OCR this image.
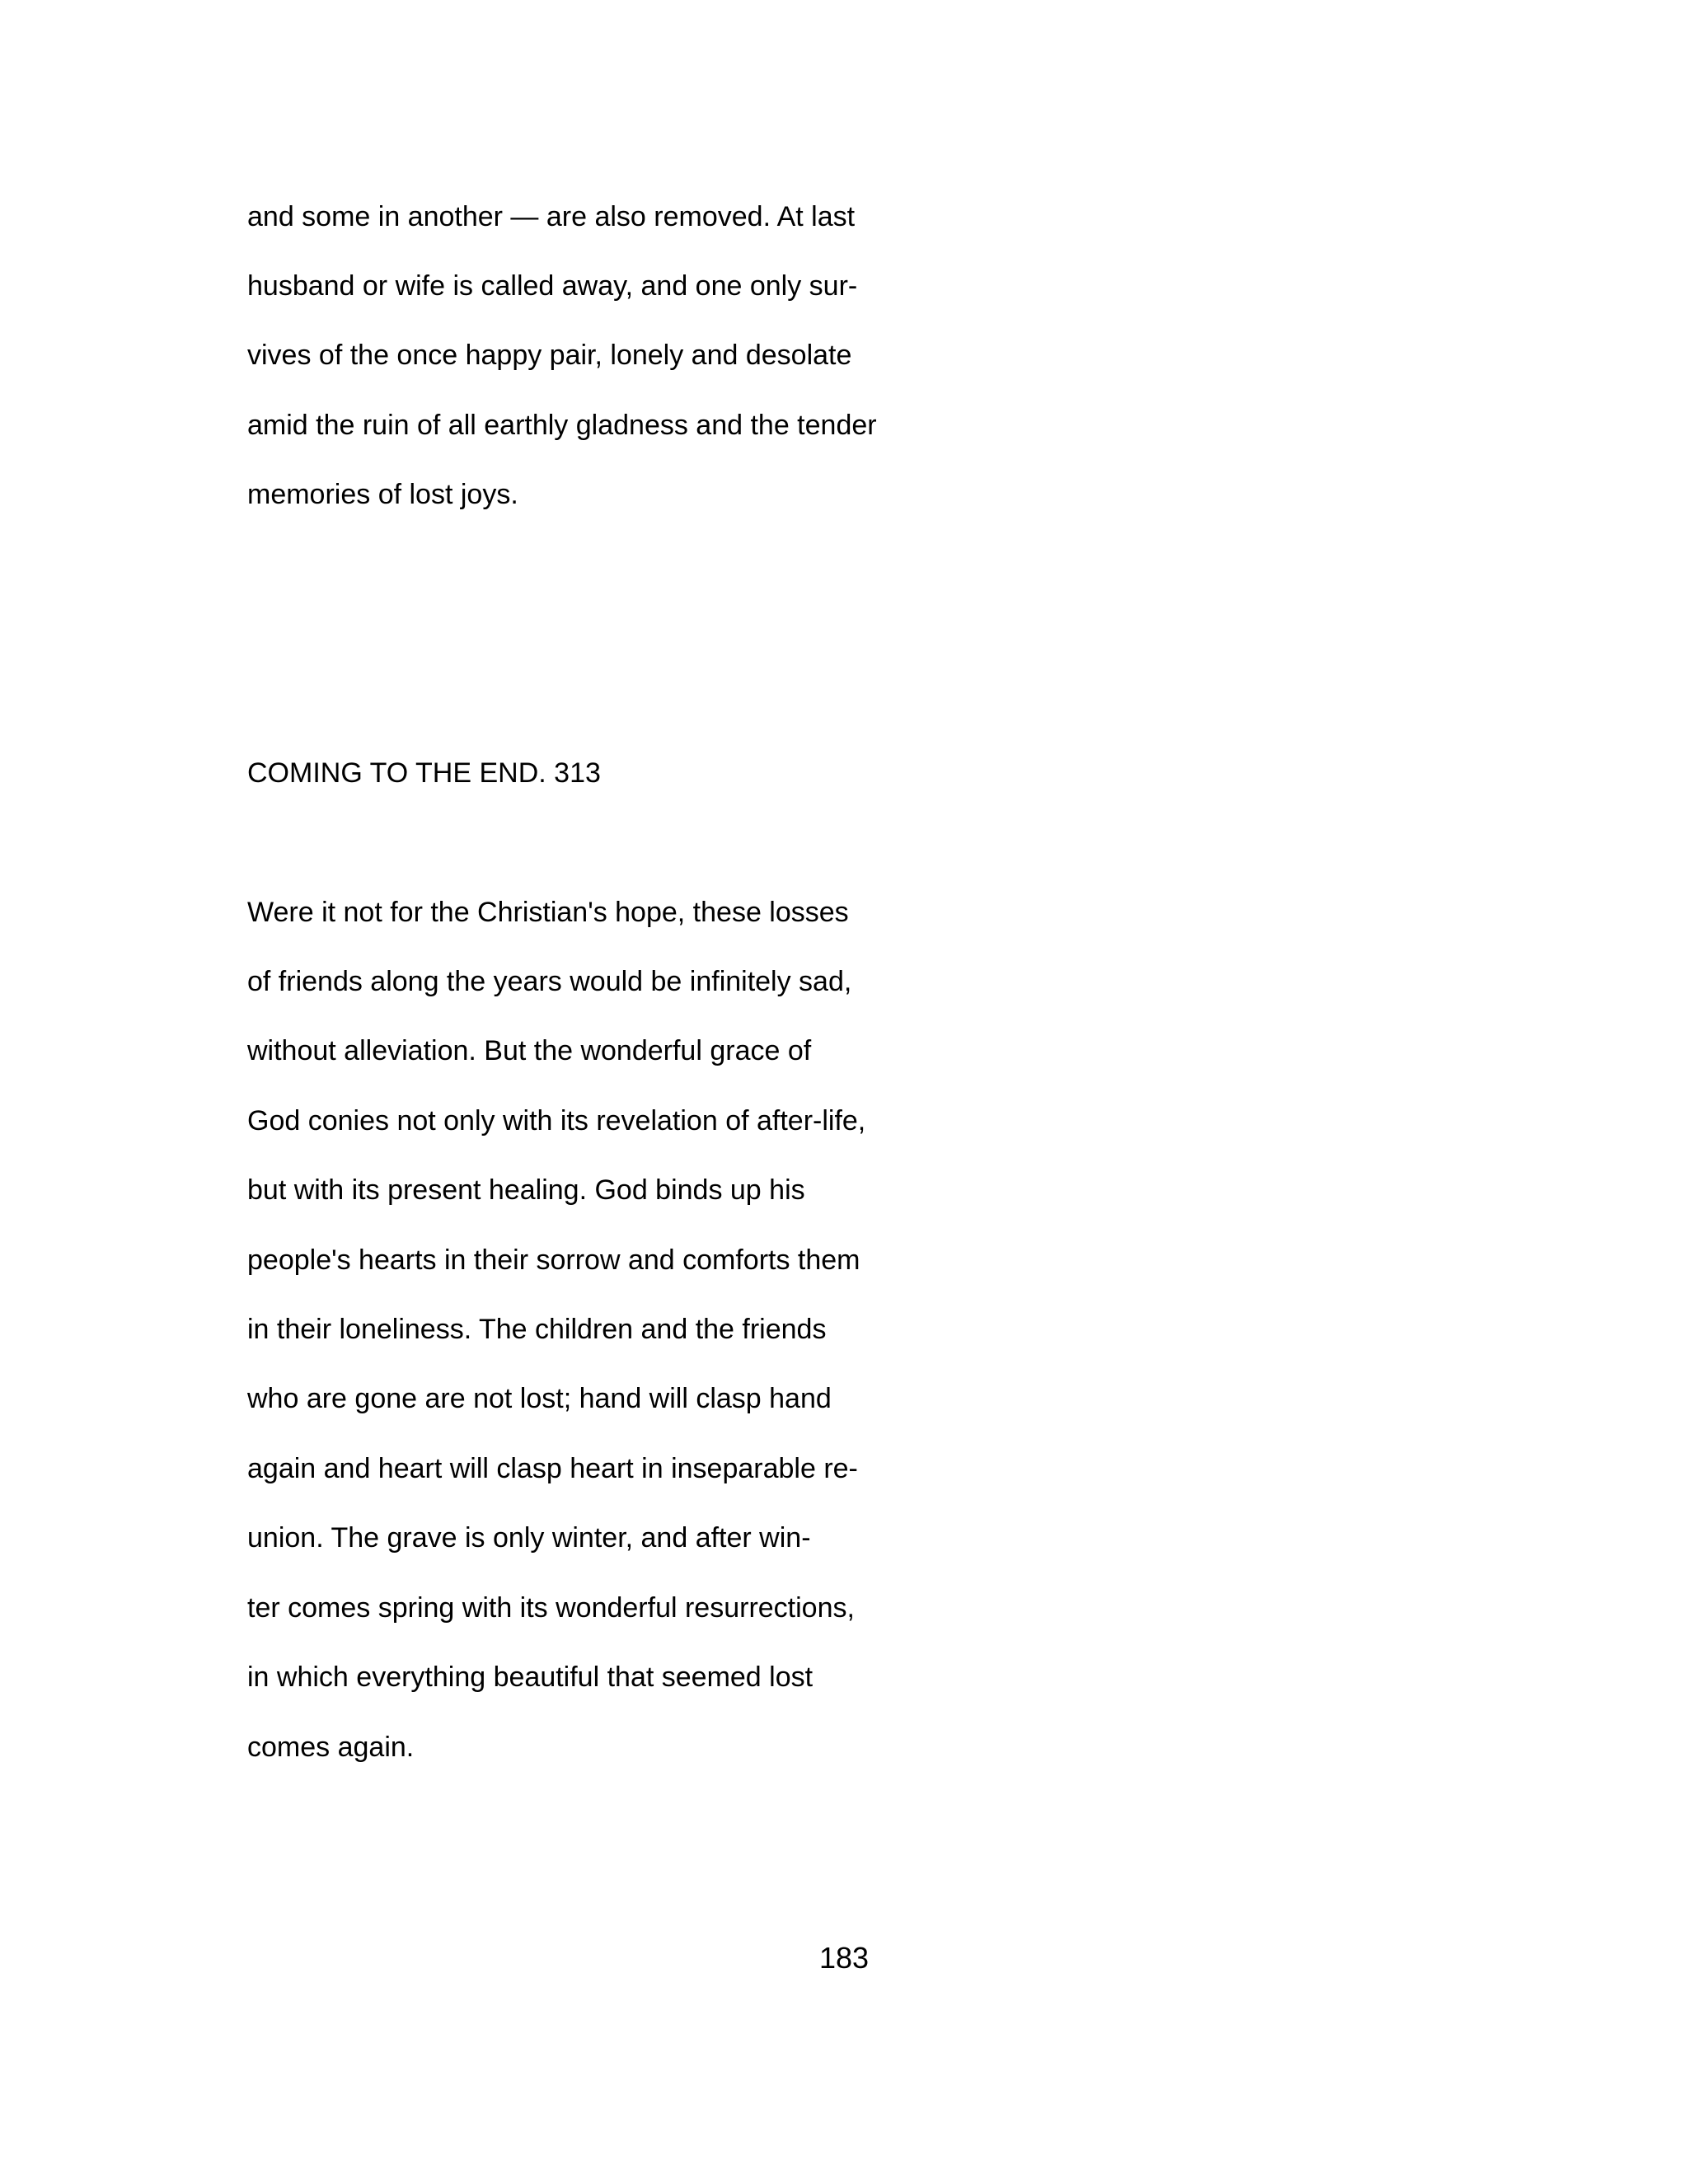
and some in another — are also removed. At last

husband or wife is called away, and one only sur-

vives of the once happy pair, lonely and desolate

amid the ruin of all earthly gladness and the tender

memories of lost joys.

COMING TO THE END. 313

Were it not for the Christian's hope, these losses

of friends along the years would be infinitely sad,

without alleviation. But the wonderful grace of

God conies not only with its revelation of after-life,

but with its present healing. God binds up his

people's hearts in their sorrow and comforts them

in their loneliness. The children and the friends

who are gone are not lost; hand will clasp hand

again and heart will clasp heart in inseparable re-

union. The grave is only winter, and after win-

ter comes spring with its wonderful resurrections,

in which everything beautiful that seemed lost

comes again.

183
